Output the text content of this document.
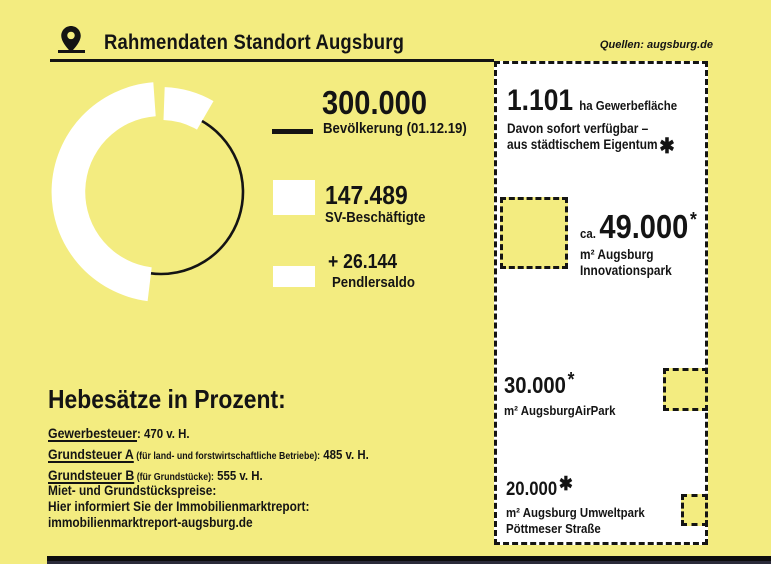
Rahmendaten Standort Augsburg	Quellen: augsburg.de
300.000
Bevölkerung (01.12.19)
147.489
SV-Beschäftigte
+ 26.144
Pendlersaldo
1.101 ha Gewerbefläche
Davon sofort verfügbar –
aus städtischem Eigentum✱
ca. 49.000 *
m² Augsburg
Innovationspark
30.000 *
m² AugsburgAirPark
20.000 ✱
m² Augsburg Umweltpark
Pöttmeser Straße
Hebesätze in Prozent:
Gewerbesteuer: 470 v. H.
Grundsteuer A (für land- und forstwirtschaftliche Betriebe): 485 v. H.
Grundsteuer B (für Grundstücke): 555 v. H.
Miet- und Grundstückspreise:
Hier informiert Sie der Immobilienmarktreport:
immobilienmarktreport-augsburg.de
